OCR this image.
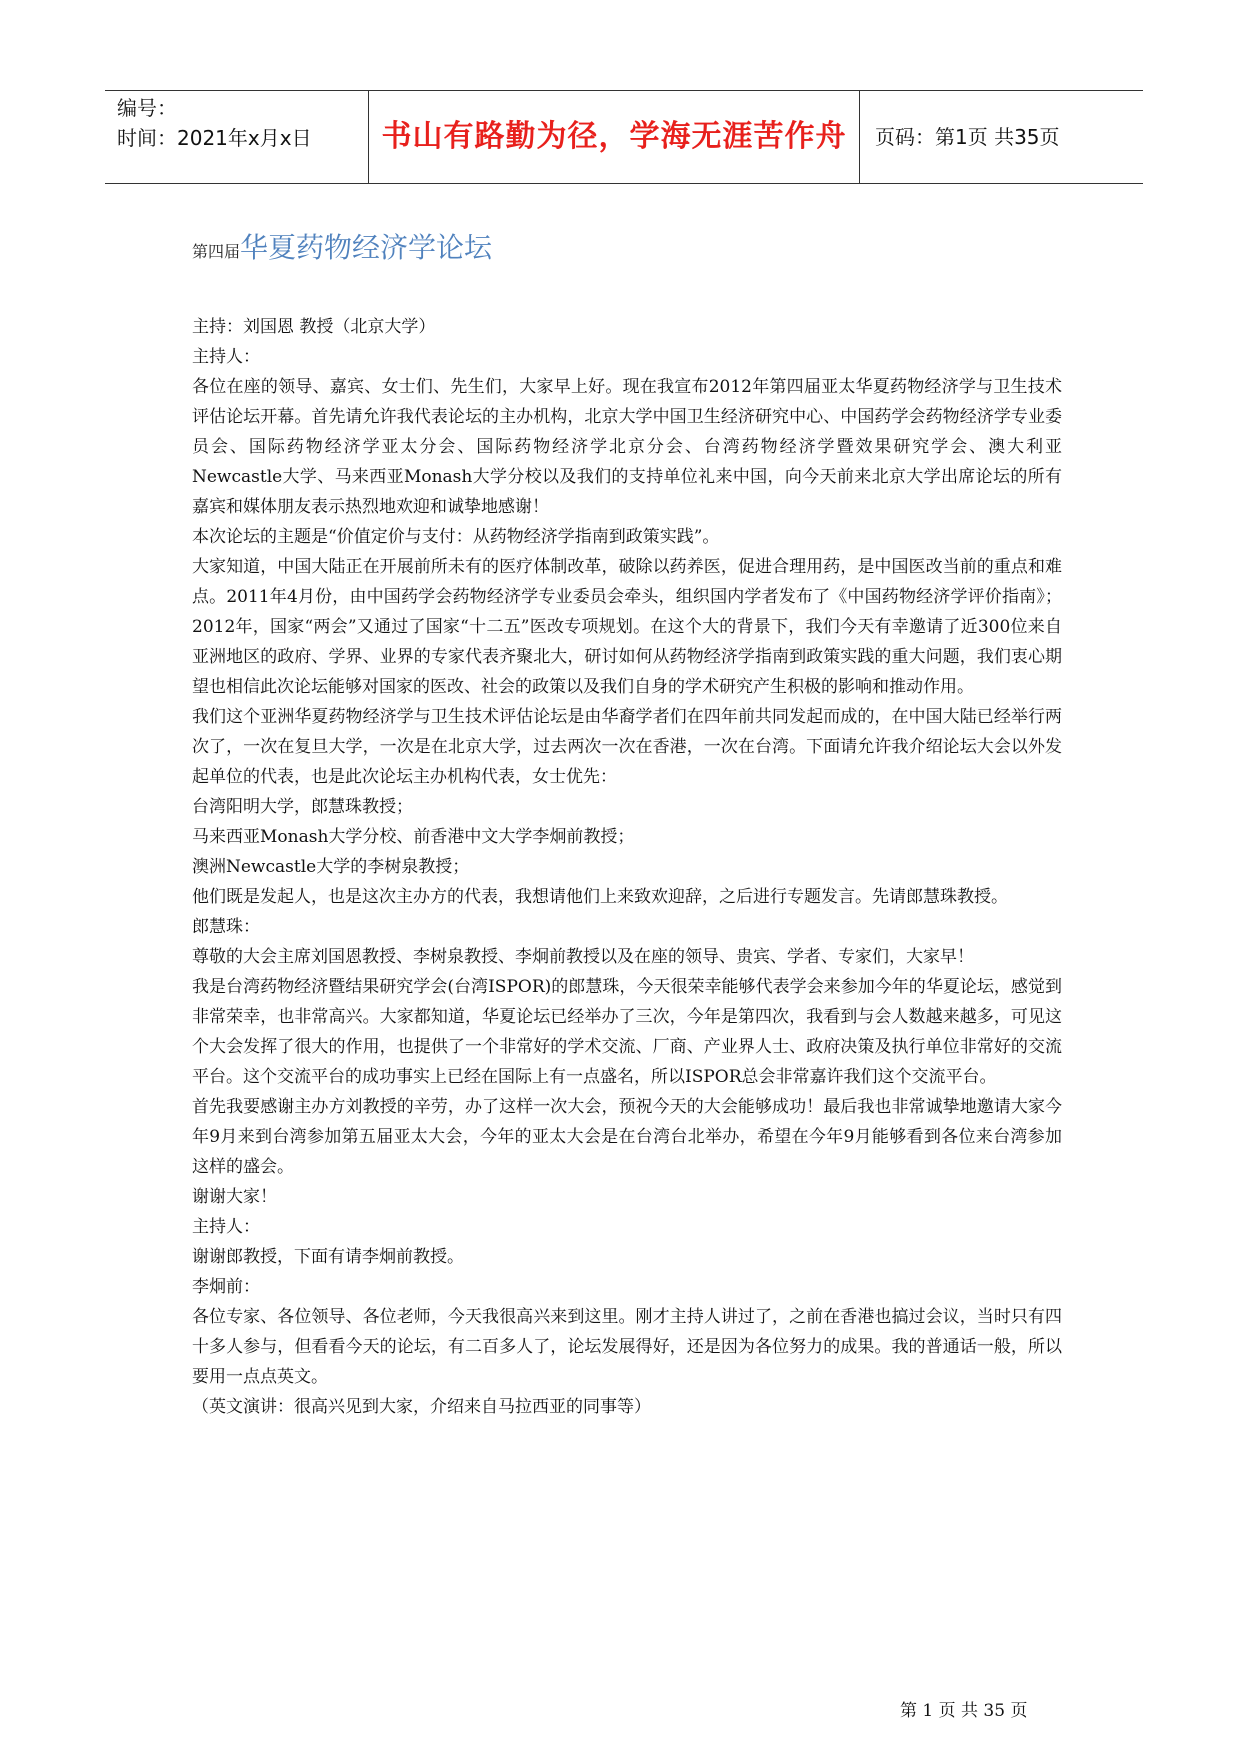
编号：
时间：2021年x月x日	书山有路勤为径，学海无涯苦作舟	页码：第1页 共35页
第四届华夏药物经济学论坛

主持：刘国恩 教授（北京大学）

主持人：

各位在座的领导、嘉宾、女士们、先生们，大家早上好。现在我宣布2012年第四届亚太华夏药物经济学与卫生技术评估论坛开幕。首先请允许我代表论坛的主办机构，北京大学中国卫生经济研究中心、中国药学会药物经济学专业委员会、国际药物经济学亚太分会、国际药物经济学北京分会、台湾药物经济学暨效果研究学会、澳大利亚Newcastle大学、马来西亚Monash大学分校以及我们的支持单位礼来中国，向今天前来北京大学出席论坛的所有嘉宾和媒体朋友表示热烈地欢迎和诚挚地感谢！

本次论坛的主题是“价值定价与支付：从药物经济学指南到政策实践”。

大家知道，中国大陆正在开展前所未有的医疗体制改革，破除以药养医，促进合理用药，是中国医改当前的重点和难点。2011年4月份，由中国药学会药物经济学专业委员会牵头，组织国内学者发布了《中国药物经济学评价指南》；2012年，国家“两会”又通过了国家“十二五”医改专项规划。在这个大的背景下，我们今天有幸邀请了近300位来自亚洲地区的政府、学界、业界的专家代表齐聚北大，研讨如何从药物经济学指南到政策实践的重大问题，我们衷心期望也相信此次论坛能够对国家的医改、社会的政策以及我们自身的学术研究产生积极的影响和推动作用。

我们这个亚洲华夏药物经济学与卫生技术评估论坛是由华裔学者们在四年前共同发起而成的，在中国大陆已经举行两次了，一次在复旦大学，一次是在北京大学，过去两次一次在香港，一次在台湾。下面请允许我介绍论坛大会以外发起单位的代表，也是此次论坛主办机构代表，女士优先：

台湾阳明大学，郎慧珠教授；

马来西亚Monash大学分校、前香港中文大学李炯前教授；

澳洲Newcastle大学的李树泉教授；

他们既是发起人，也是这次主办方的代表，我想请他们上来致欢迎辞，之后进行专题发言。先请郎慧珠教授。

郎慧珠：

尊敬的大会主席刘国恩教授、李树泉教授、李炯前教授以及在座的领导、贵宾、学者、专家们，大家早！

我是台湾药物经济暨结果研究学会(台湾ISPOR)的郎慧珠，今天很荣幸能够代表学会来参加今年的华夏论坛，感觉到非常荣幸，也非常高兴。大家都知道，华夏论坛已经举办了三次，今年是第四次，我看到与会人数越来越多，可见这个大会发挥了很大的作用，也提供了一个非常好的学术交流、厂商、产业界人士、政府决策及执行单位非常好的交流平台。这个交流平台的成功事实上已经在国际上有一点盛名，所以ISPOR总会非常嘉许我们这个交流平台。

首先我要感谢主办方刘教授的辛劳，办了这样一次大会，预祝今天的大会能够成功！最后我也非常诚挚地邀请大家今年9月来到台湾参加第五届亚太大会，今年的亚太大会是在台湾台北举办，希望在今年9月能够看到各位来台湾参加这样的盛会。

谢谢大家！

主持人：

谢谢郎教授，下面有请李炯前教授。

李炯前：

各位专家、各位领导、各位老师，今天我很高兴来到这里。刚才主持人讲过了，之前在香港也搞过会议，当时只有四十多人参与，但看看今天的论坛，有二百多人了，论坛发展得好，还是因为各位努力的成果。我的普通话一般，所以要用一点点英文。

（英文演讲：很高兴见到大家，介绍来自马拉西亚的同事等）

第 1 页 共 35 页
